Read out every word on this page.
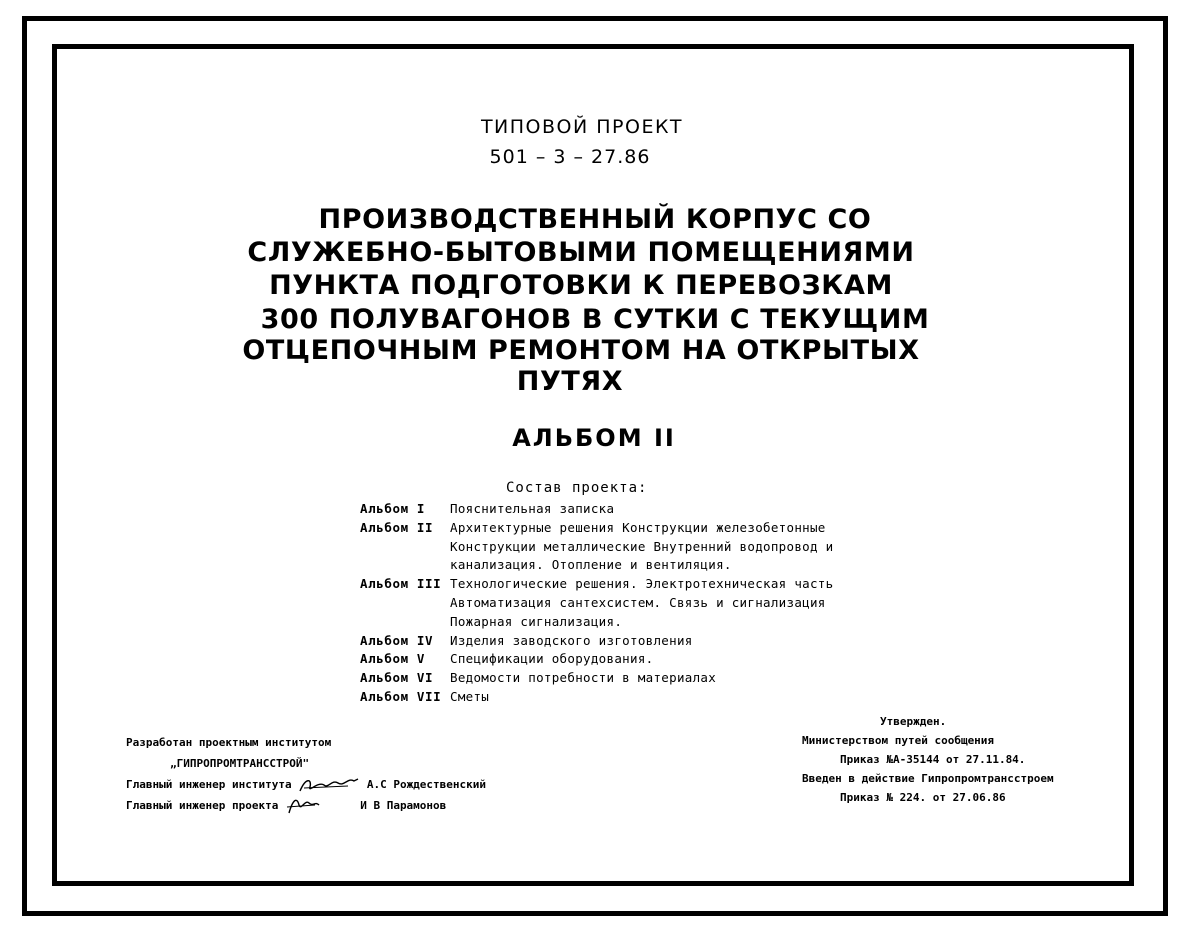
ТИПОВОЙ ПРОЕКТ
501 – 3 – 27.86
ПРОИЗВОДСТВЕННЫЙ КОРПУС СО
СЛУЖЕБНО-БЫТОВЫМИ ПОМЕЩЕНИЯМИ
ПУНКТА ПОДГОТОВКИ К ПЕРЕВОЗКАМ
300 ПОЛУВАГОНОВ В СУТКИ С ТЕКУЩИМ
ОТЦЕПОЧНЫМ РЕМОНТОМ НА ОТКРЫТЫХ
ПУТЯХ
АЛЬБОМ II
Состав проекта:
Альбом I	Пояснительная записка

Альбом II	Архитектурные решения Конструкции железобетонные
Конструкции металлические Внутренний водопровод и
канализация. Отопление и вентиляция.

Альбом III	Технологические решения. Электротехническая часть
Автоматизация сантехсистем. Связь и сигнализация
Пожарная сигнализация.

Альбом IV	Изделия заводского изготовления

Альбом V	Спецификации оборудования.

Альбом VI	Ведомости потребности в материалах

Альбом VII	Сметы
Разработан проектным институтом
„ГИПРОПРОМТРАНССТРОЙ"
Главный инженер института	А.С Рождественский
Главный инженер проекта	И В Парамонов
Утвержден.
Министерством путей сообщения
Приказ №А-35144 от 27.11.84.
Введен в действие Гипропромтрансстроем
Приказ № 224. от 27.06.86
